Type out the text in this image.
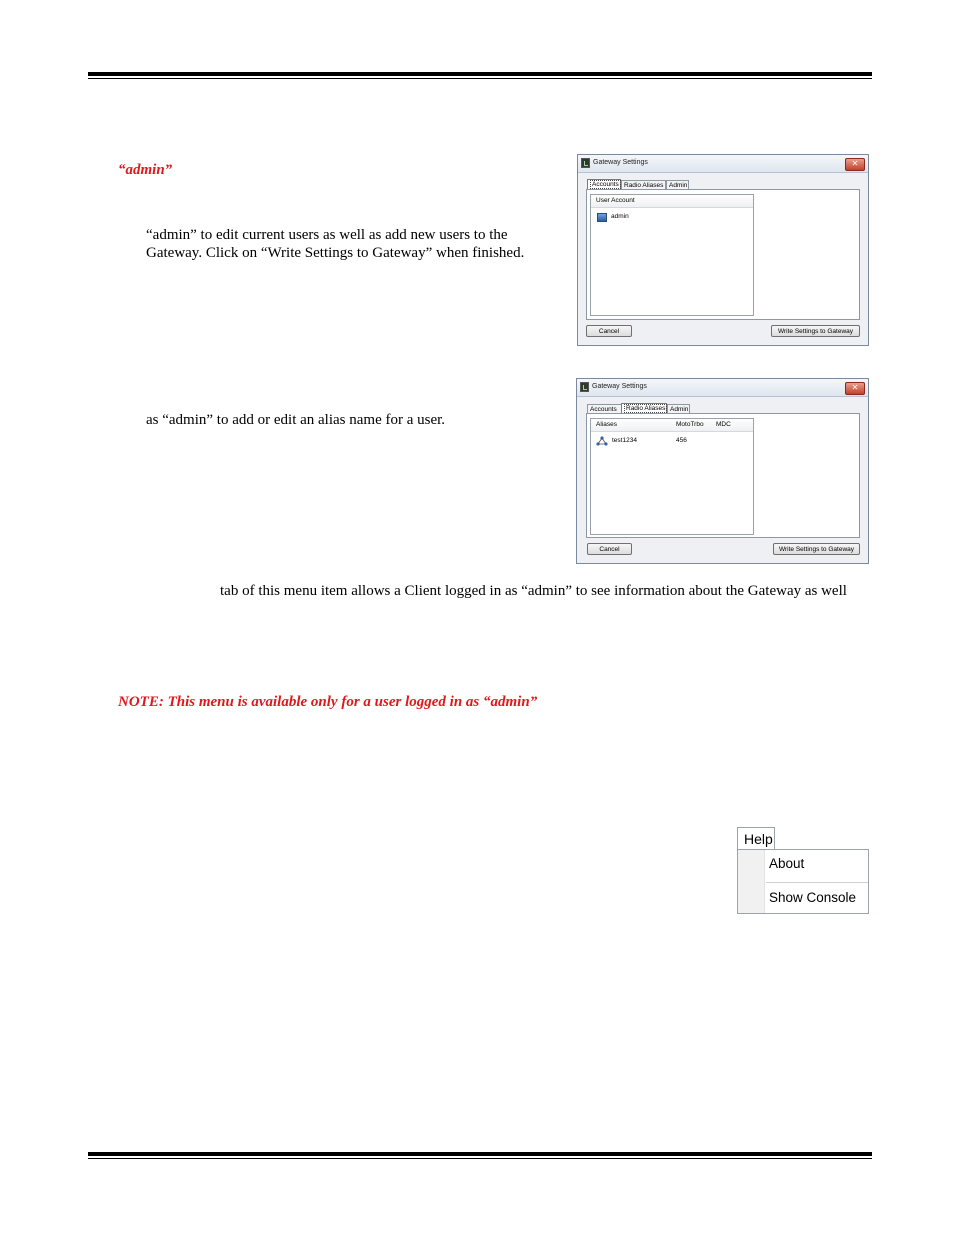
“admin”
“admin” to edit current users as well as add new users to the
Gateway. Click on “Write Settings to Gateway” when finished.
as “admin” to add or edit an alias name for a user.
tab of this menu item allows a Client logged in as “admin” to see information about the Gateway as well
NOTE: This menu is available only for a user logged in as “admin”
Gateway Settings	✕
Accounts Radio Aliases Admin
User Account
admin
Cancel	Write Settings to Gateway
Gateway Settings	✕
Accounts	Radio Aliases Admin
Aliases	MotoTrbo MDC
test1234	456
Cancel	Write Settings to Gateway
Help
About
Show Console
